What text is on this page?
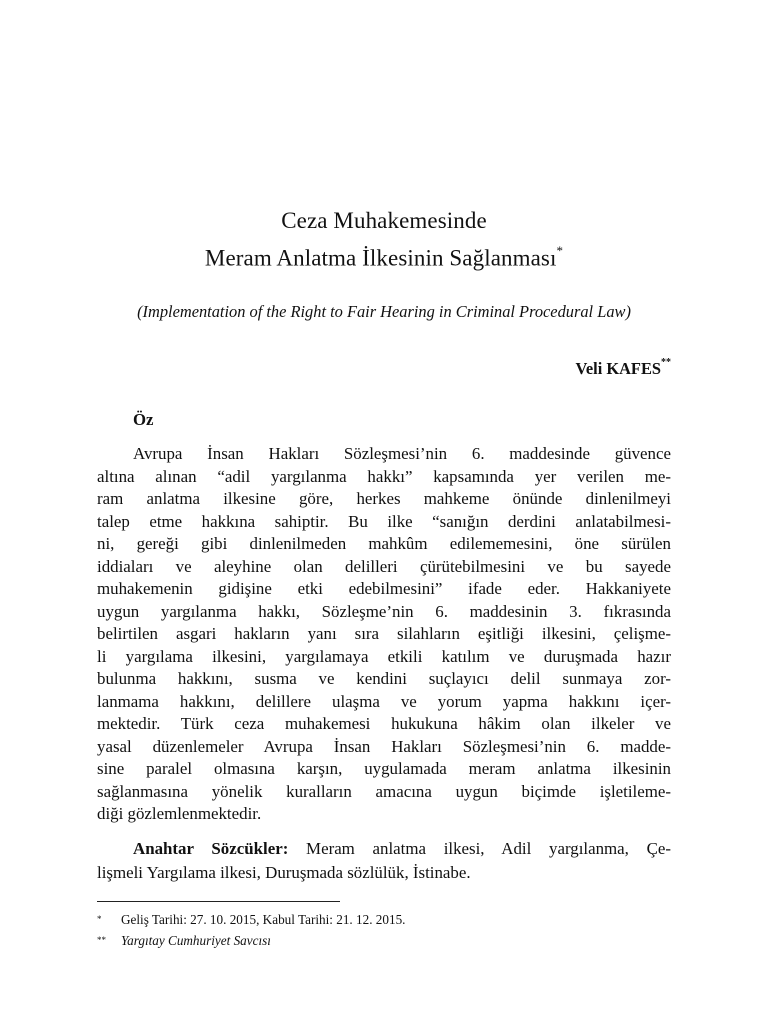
Ceza Muhakemesinde
Meram Anlatma İlkesinin Sağlanması*
(Implementation of the Right to Fair Hearing in Criminal Procedural Law)
Veli KAFES**
Öz
Avrupa İnsan Hakları Sözleşmesi’nin 6. maddesinde güvence
altına alınan “adil yargılanma hakkı” kapsamında yer verilen me-
ram anlatma ilkesine göre, herkes mahkeme önünde dinlenilmeyi
talep etme hakkına sahiptir. Bu ilke “sanığın derdini anlatabilmesi-
ni, gereği gibi dinlenilmeden mahkûm edilememesini, öne sürülen
iddiaları ve aleyhine olan delilleri çürütebilmesini ve bu sayede
muhakemenin gidişine etki edebilmesini” ifade eder. Hakkaniyete
uygun yargılanma hakkı, Sözleşme’nin 6. maddesinin 3. fıkrasında
belirtilen asgari hakların yanı sıra silahların eşitliği ilkesini, çelişme-
li yargılama ilkesini, yargılamaya etkili katılım ve duruşmada hazır
bulunma hakkını, susma ve kendini suçlayıcı delil sunmaya zor-
lanmama hakkını, delillere ulaşma ve yorum yapma hakkını içer-
mektedir. Türk ceza muhakemesi hukukuna hâkim olan ilkeler ve
yasal düzenlemeler Avrupa İnsan Hakları Sözleşmesi’nin 6. madde-
sine paralel olmasına karşın, uygulamada meram anlatma ilkesinin
sağlanmasına yönelik kuralların amacına uygun biçimde işletileme-
diği gözlemlenmektedir.
Anahtar Sözcükler: Meram anlatma ilkesi, Adil yargılanma, Çe-
lişmeli Yargılama ilkesi, Duruşmada sözlülük, İstinabe.
* Geliş Tarihi: 27. 10. 2015, Kabul Tarihi: 21. 12. 2015.
** Yargıtay Cumhuriyet Savcısı
